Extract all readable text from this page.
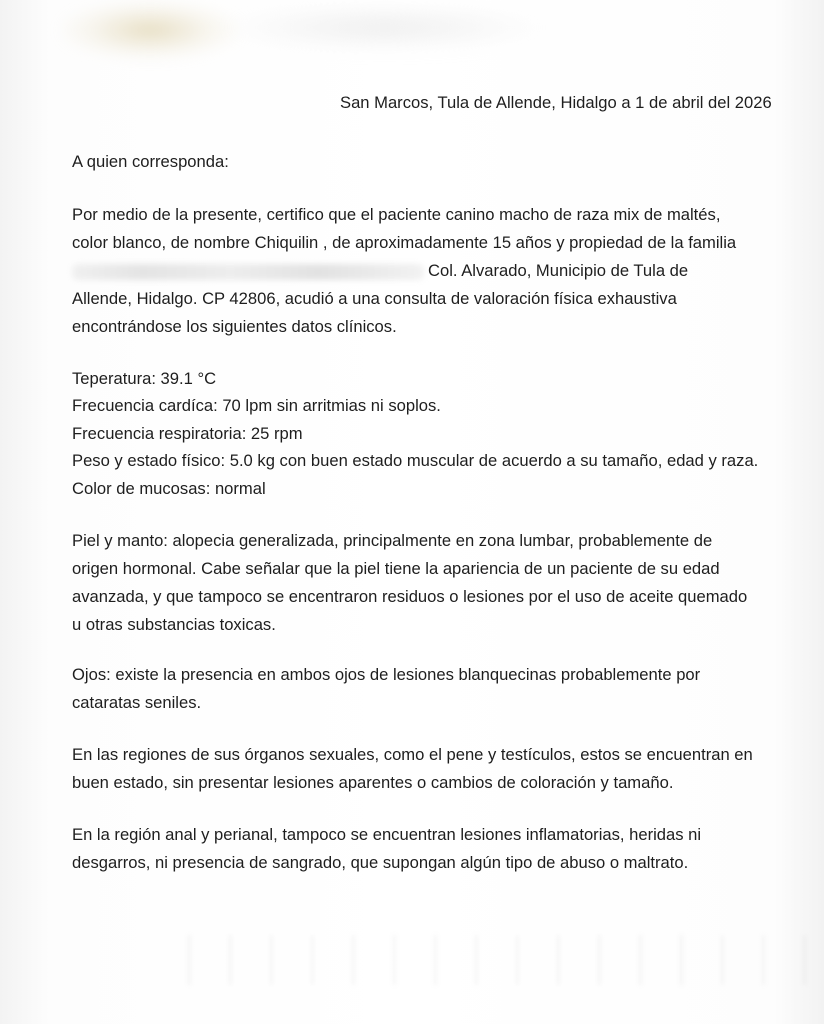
San Marcos, Tula de Allende, Hidalgo a 1 de abril del 2026
A quien corresponda:
Por medio de la presente, certifico que el paciente canino macho de raza mix de maltés,
color blanco, de nombre Chiquilin , de aproximadamente 15 años y propiedad de la familia
Col. Alvarado, Municipio de Tula de
Allende, Hidalgo. CP 42806, acudió a una consulta de valoración física exhaustiva
encontrándose los siguientes datos clínicos.
Teperatura: 39.1 °C
Frecuencia cardíca: 70 lpm sin arritmias ni soplos.
Frecuencia respiratoria: 25 rpm
Peso y estado físico: 5.0 kg con buen estado muscular de acuerdo a su tamaño, edad y raza.
Color de mucosas: normal
Piel y manto: alopecia generalizada, principalmente en zona lumbar, probablemente de
origen hormonal. Cabe señalar que la piel tiene la apariencia de un paciente de su edad
avanzada, y que tampoco se encentraron residuos o lesiones por el uso de aceite quemado
u otras substancias toxicas.
Ojos: existe la presencia en ambos ojos de lesiones blanquecinas probablemente por
cataratas seniles.
En las regiones de sus órganos sexuales, como el pene y testículos, estos se encuentran en
buen estado, sin presentar lesiones aparentes o cambios de coloración y tamaño.
En la región anal y perianal, tampoco se encuentran lesiones inflamatorias, heridas ni
desgarros, ni presencia de sangrado, que supongan algún tipo de abuso o maltrato.
